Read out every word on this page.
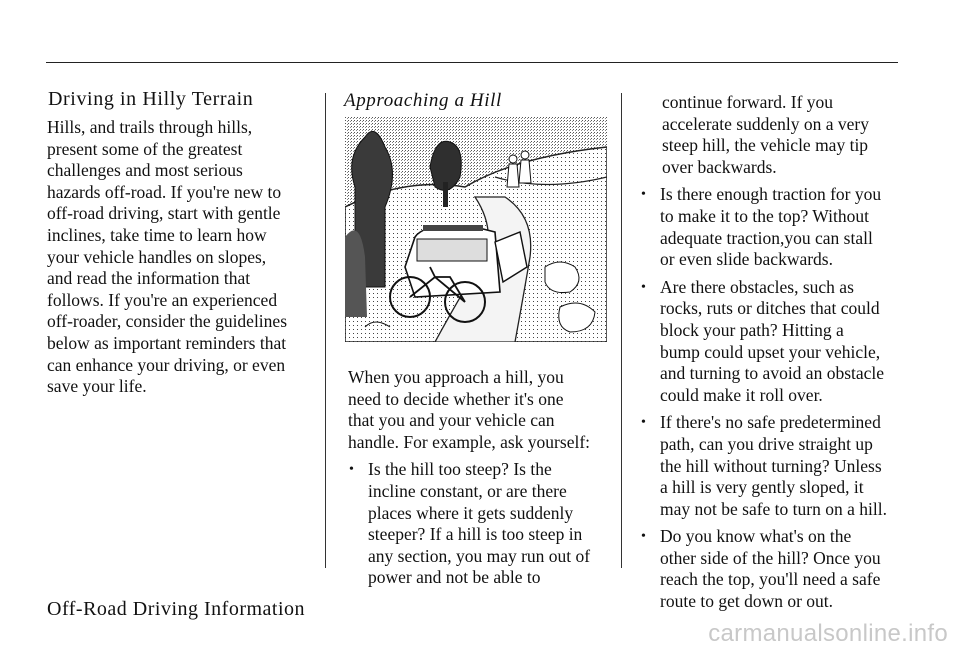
Driving in Hilly Terrain
Hills, and trails through hills,
present some of the greatest
challenges and most serious
hazards off-road. If you're new to
off-road driving, start with gentle
inclines, take time to learn how
your vehicle handles on slopes,
and read the information that
follows. If you're an experienced
off-roader, consider the guidelines
below as important reminders that
can enhance your driving, or even
save your life.
Approaching a Hill
When you approach a hill, you
need to decide whether it's one
that you and your vehicle can
handle. For example, ask yourself:
• Is the hill too steep? Is the
incline constant, or are there
places where it gets suddenly
steeper? If a hill is too steep in
any section, you may run out of
power and not be able to
continue forward. If you
accelerate suddenly on a very
steep hill, the vehicle may tip
over backwards.
• Is there enough traction for you
to make it to the top? Without
adequate traction,you can stall
or even slide backwards.
• Are there obstacles, such as
rocks, ruts or ditches that could
block your path? Hitting a
bump could upset your vehicle,
and turning to avoid an obstacle
could make it roll over.
• If there's no safe predetermined
path, can you drive straight up
the hill without turning? Unless
a hill is very gently sloped, it
may not be safe to turn on a hill.
• Do you know what's on the
other side of the hill? Once you
reach the top, you'll need a safe
route to get down or out.
Off-Road Driving Information
carmanualsonline.info
